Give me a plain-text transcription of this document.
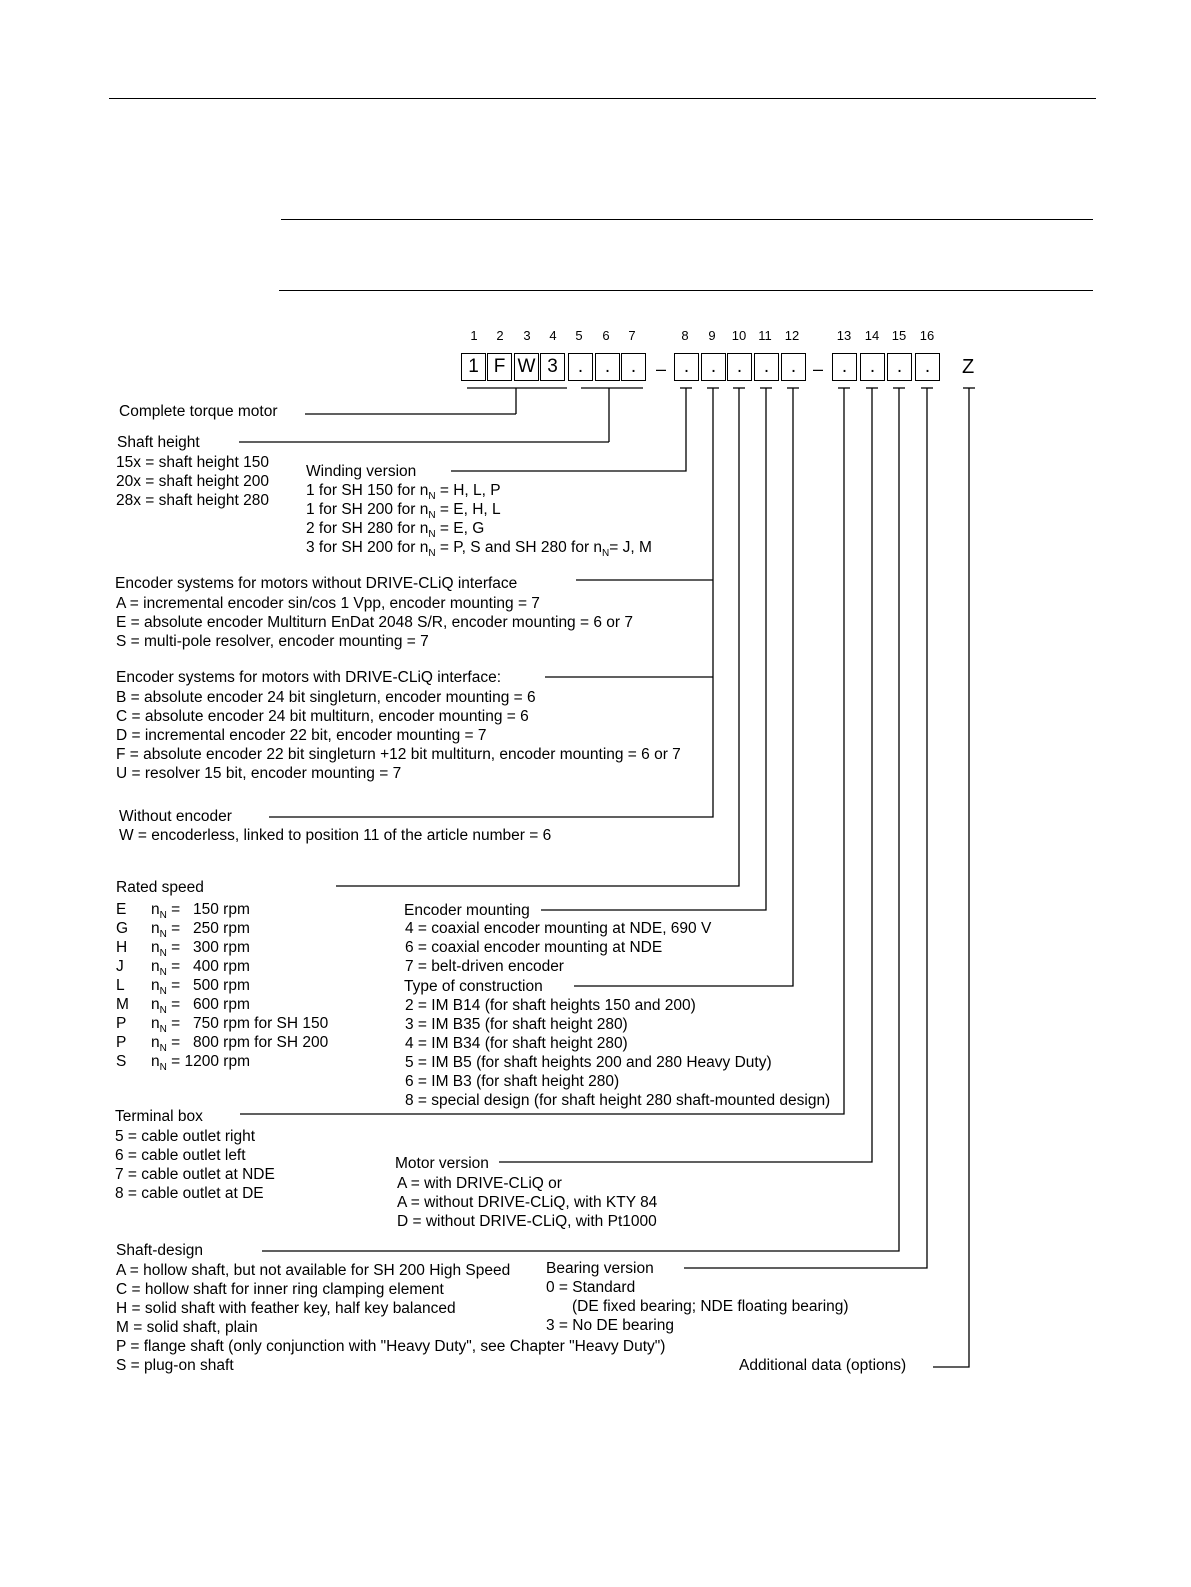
1	2	3	4	5	6	7	8	9	10 11	12	13	14 15	16
1 F W 3	.	.	.	– .	.	.	.	. – .	.	.	.	Z
Complete torque motor
Shaft height
15x = shaft height 150
20x = shaft height 200
28x = shaft height 280
Winding version
1 for SH 150 for $n_N = H$, L, P
1 for SH 200 for $n_N = E$, H, L
2 for SH 280 for $n_N = E$, G
3 for SH 200 for $n_N = P$, S and SH 280 for $n_N= J$, M
Encoder systems for motors without DRIVE-CLiQ interface
A = incremental encoder sin/cos 1 Vpp, encoder mounting = 7
E = absolute encoder Multiturn EnDat 2048 S/R, encoder mounting = 6 or 7
S = multi-pole resolver, encoder mounting = 7
Encoder systems for motors with DRIVE-CLiQ interface:
B = absolute encoder 24 bit singleturn, encoder mounting = 6
C = absolute encoder 24 bit multiturn, encoder mounting = 6
D = incremental encoder 22 bit, encoder mounting = 7
F = absolute encoder 22 bit singleturn +12 bit multiturn, encoder mounting = 6 or 7
U = resolver 15 bit, encoder mounting = 7
Without encoder
W = encoderless, linked to position 11 of the article number = 6
Rated speed
E $n_N = 150$ rpm
G $n_N = 250$ rpm
H $n_N = 300$ rpm
J $n_N = 400$ rpm
L $n_N = 500$ rpm
M $n_N = 600$ rpm
P $n_N = 750$ rpm for SH 150
P $n_N = 800$ rpm for SH 200
S $n_N = 1200$ rpm
Encoder mounting
4 = coaxial encoder mounting at NDE, 690 V
6 = coaxial encoder mounting at NDE
7 = belt-driven encoder
Type of construction
2 = IM B14 (for shaft heights 150 and 200)
3 = IM B35 (for shaft height 280)
4 = IM B34 (for shaft height 280)
5 = IM B5 (for shaft heights 200 and 280 Heavy Duty)
6 = IM B3 (for shaft height 280)
8 = special design (for shaft height 280 shaft-mounted design)
Terminal box
5 = cable outlet right
6 = cable outlet left
7 = cable outlet at NDE
8 = cable outlet at DE
Motor version
A = with DRIVE-CLiQ or
A = without DRIVE-CLiQ, with KTY 84
D = without DRIVE-CLiQ, with Pt1000
Shaft-design
A = hollow shaft, but not available for SH 200 High Speed
C = hollow shaft for inner ring clamping element
H = solid shaft with feather key, half key balanced
M = solid shaft, plain
P = flange shaft (only conjunction with "Heavy Duty", see Chapter "Heavy Duty")
S = plug-on shaft
Bearing version
0 = Standard
(DE fixed bearing; NDE floating bearing)
3 = No DE bearing
Additional data (options)
